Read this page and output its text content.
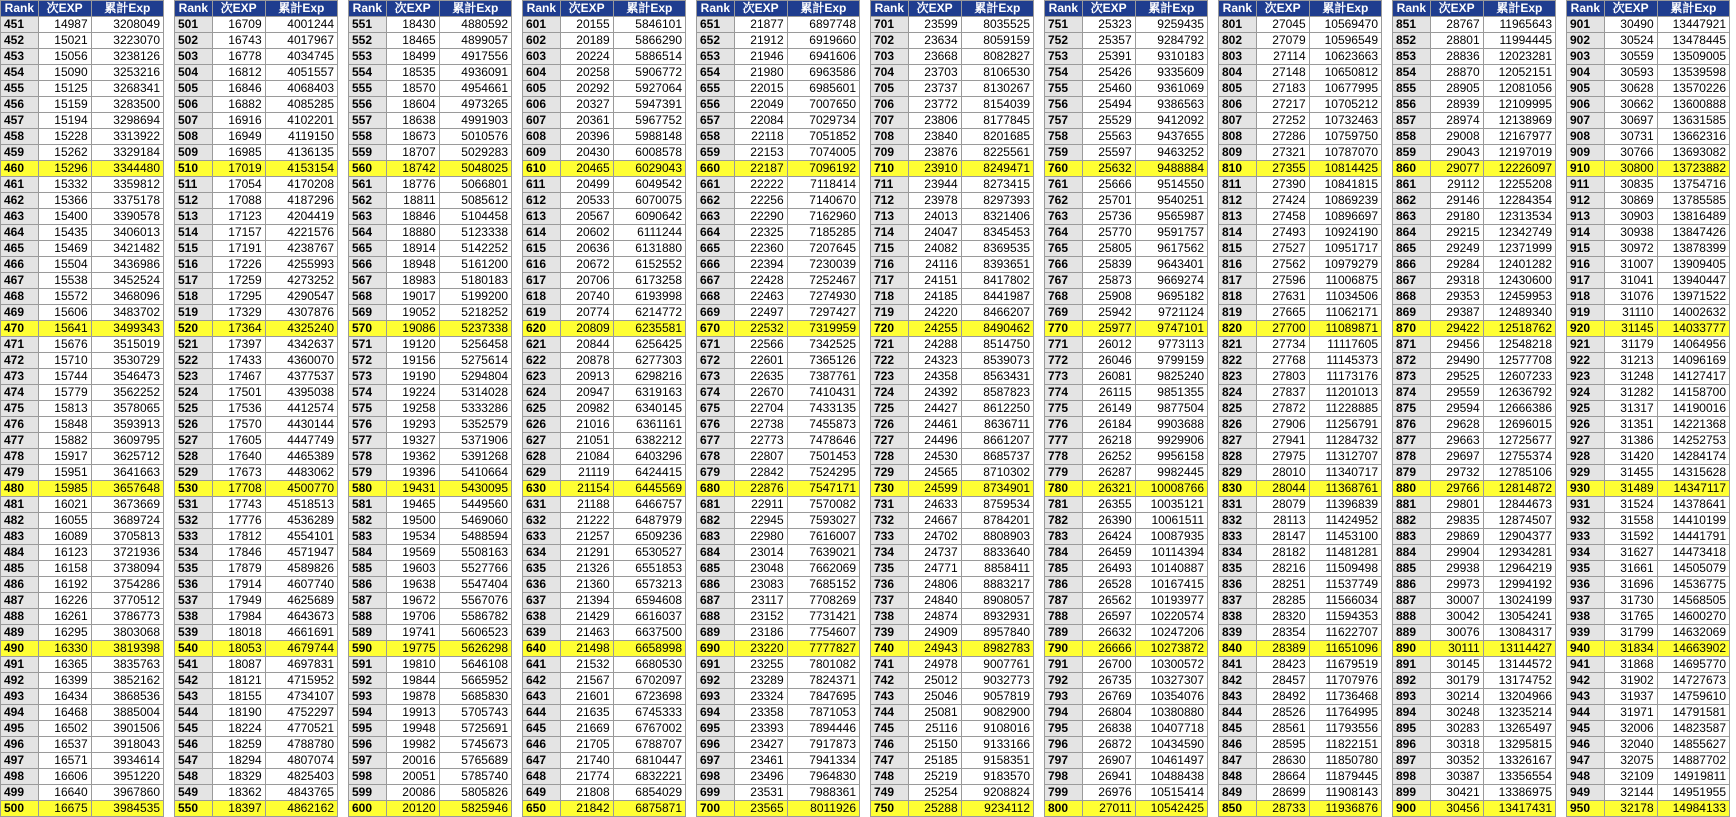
Rank	次EXP	累計Exp
451	14987	3208049
452	15021	3223070
453	15056	3238126
454	15090	3253216
455	15125	3268341
456	15159	3283500
457	15194	3298694
458	15228	3313922
459	15262	3329184
460	15296	3344480
461	15332	3359812
462	15366	3375178
463	15400	3390578
464	15435	3406013
465	15469	3421482
466	15504	3436986
467	15538	3452524
468	15572	3468096
469	15606	3483702
470	15641	3499343
471	15676	3515019
472	15710	3530729
473	15744	3546473
474	15779	3562252
475	15813	3578065
476	15848	3593913
477	15882	3609795
478	15917	3625712
479	15951	3641663
480	15985	3657648
481	16021	3673669
482	16055	3689724
483	16089	3705813
484	16123	3721936
485	16158	3738094
486	16192	3754286
487	16226	3770512
488	16261	3786773
489	16295	3803068
490	16330	3819398
491	16365	3835763
492	16399	3852162
493	16434	3868536
494	16468	3885004
495	16502	3901506
496	16537	3918043
497	16571	3934614
498	16606	3951220
499	16640	3967860
500	16675	3984535
Rank	次EXP	累計Exp
501	16709	4001244
502	16743	4017967
503	16778	4034745
504	16812	4051557
505	16846	4068403
506	16882	4085285
507	16916	4102201
508	16949	4119150
509	16985	4136135
510	17019	4153154
511	17054	4170208
512	17088	4187296
513	17123	4204419
514	17157	4221576
515	17191	4238767
516	17226	4255993
517	17259	4273252
518	17295	4290547
519	17329	4307876
520	17364	4325240
521	17397	4342637
522	17433	4360070
523	17467	4377537
524	17501	4395038
525	17536	4412574
526	17570	4430144
527	17605	4447749
528	17640	4465389
529	17673	4483062
530	17708	4500770
531	17743	4518513
532	17776	4536289
533	17812	4554101
534	17846	4571947
535	17879	4589826
536	17914	4607740
537	17949	4625689
538	17984	4643673
539	18018	4661691
540	18053	4679744
541	18087	4697831
542	18121	4715952
543	18155	4734107
544	18190	4752297
545	18224	4770521
546	18259	4788780
547	18294	4807074
548	18329	4825403
549	18362	4843765
550	18397	4862162
Rank	次EXP	累計Exp
551	18430	4880592
552	18465	4899057
553	18499	4917556
554	18535	4936091
555	18570	4954661
556	18604	4973265
557	18638	4991903
558	18673	5010576
559	18707	5029283
560	18742	5048025
561	18776	5066801
562	18811	5085612
563	18846	5104458
564	18880	5123338
565	18914	5142252
566	18948	5161200
567	18983	5180183
568	19017	5199200
569	19052	5218252
570	19086	5237338
571	19120	5256458
572	19156	5275614
573	19190	5294804
574	19224	5314028
575	19258	5333286
576	19293	5352579
577	19327	5371906
578	19362	5391268
579	19396	5410664
580	19431	5430095
581	19465	5449560
582	19500	5469060
583	19534	5488594
584	19569	5508163
585	19603	5527766
586	19638	5547404
587	19672	5567076
588	19706	5586782
589	19741	5606523
590	19775	5626298
591	19810	5646108
592	19844	5665952
593	19878	5685830
594	19913	5705743
595	19948	5725691
596	19982	5745673
597	20016	5765689
598	20051	5785740
599	20086	5805826
600	20120	5825946
Rank	次EXP	累計Exp
601	20155	5846101
602	20189	5866290
603	20224	5886514
604	20258	5906772
605	20292	5927064
606	20327	5947391
607	20361	5967752
608	20396	5988148
609	20430	6008578
610	20465	6029043
611	20499	6049542
612	20533	6070075
613	20567	6090642
614	20602	6111244
615	20636	6131880
616	20672	6152552
617	20706	6173258
618	20740	6193998
619	20774	6214772
620	20809	6235581
621	20844	6256425
622	20878	6277303
623	20913	6298216
624	20947	6319163
625	20982	6340145
626	21016	6361161
627	21051	6382212
628	21084	6403296
629	21119	6424415
630	21154	6445569
631	21188	6466757
632	21222	6487979
633	21257	6509236
634	21291	6530527
635	21326	6551853
636	21360	6573213
637	21394	6594608
638	21429	6616037
639	21463	6637500
640	21498	6658998
641	21532	6680530
642	21567	6702097
643	21601	6723698
644	21635	6745333
645	21669	6767002
646	21705	6788707
647	21740	6810447
648	21774	6832221
649	21808	6854029
650	21842	6875871
Rank	次EXP	累計Exp
651	21877	6897748
652	21912	6919660
653	21946	6941606
654	21980	6963586
655	22015	6985601
656	22049	7007650
657	22084	7029734
658	22118	7051852
659	22153	7074005
660	22187	7096192
661	22222	7118414
662	22256	7140670
663	22290	7162960
664	22325	7185285
665	22360	7207645
666	22394	7230039
667	22428	7252467
668	22463	7274930
669	22497	7297427
670	22532	7319959
671	22566	7342525
672	22601	7365126
673	22635	7387761
674	22670	7410431
675	22704	7433135
676	22738	7455873
677	22773	7478646
678	22807	7501453
679	22842	7524295
680	22876	7547171
681	22911	7570082
682	22945	7593027
683	22980	7616007
684	23014	7639021
685	23048	7662069
686	23083	7685152
687	23117	7708269
688	23152	7731421
689	23186	7754607
690	23220	7777827
691	23255	7801082
692	23289	7824371
693	23324	7847695
694	23358	7871053
695	23393	7894446
696	23427	7917873
697	23461	7941334
698	23496	7964830
699	23531	7988361
700	23565	8011926
Rank	次EXP	累計Exp
701	23599	8035525
702	23634	8059159
703	23668	8082827
704	23703	8106530
705	23737	8130267
706	23772	8154039
707	23806	8177845
708	23840	8201685
709	23876	8225561
710	23910	8249471
711	23944	8273415
712	23978	8297393
713	24013	8321406
714	24047	8345453
715	24082	8369535
716	24116	8393651
717	24151	8417802
718	24185	8441987
719	24220	8466207
720	24255	8490462
721	24288	8514750
722	24323	8539073
723	24358	8563431
724	24392	8587823
725	24427	8612250
726	24461	8636711
727	24496	8661207
728	24530	8685737
729	24565	8710302
730	24599	8734901
731	24633	8759534
732	24667	8784201
733	24702	8808903
734	24737	8833640
735	24771	8858411
736	24806	8883217
737	24840	8908057
738	24874	8932931
739	24909	8957840
740	24943	8982783
741	24978	9007761
742	25012	9032773
743	25046	9057819
744	25081	9082900
745	25116	9108016
746	25150	9133166
747	25185	9158351
748	25219	9183570
749	25254	9208824
750	25288	9234112
Rank	次EXP	累計Exp
751	25323	9259435
752	25357	9284792
753	25391	9310183
754	25426	9335609
755	25460	9361069
756	25494	9386563
757	25529	9412092
758	25563	9437655
759	25597	9463252
760	25632	9488884
761	25666	9514550
762	25701	9540251
763	25736	9565987
764	25770	9591757
765	25805	9617562
766	25839	9643401
767	25873	9669274
768	25908	9695182
769	25942	9721124
770	25977	9747101
771	26012	9773113
772	26046	9799159
773	26081	9825240
774	26115	9851355
775	26149	9877504
776	26184	9903688
777	26218	9929906
778	26252	9956158
779	26287	9982445
780	26321	10008766
781	26355	10035121
782	26390	10061511
783	26424	10087935
784	26459	10114394
785	26493	10140887
786	26528	10167415
787	26562	10193977
788	26597	10220574
789	26632	10247206
790	26666	10273872
791	26700	10300572
792	26735	10327307
793	26769	10354076
794	26804	10380880
795	26838	10407718
796	26872	10434590
797	26907	10461497
798	26941	10488438
799	26976	10515414
800	27011	10542425
Rank	次EXP	累計Exp
801	27045	10569470
802	27079	10596549
803	27114	10623663
804	27148	10650812
805	27183	10677995
806	27217	10705212
807	27252	10732463
808	27286	10759750
809	27321	10787070
810	27355	10814425
811	27390	10841815
812	27424	10869239
813	27458	10896697
814	27493	10924190
815	27527	10951717
816	27562	10979279
817	27596	11006875
818	27631	11034506
819	27665	11062171
820	27700	11089871
821	27734	11117605
822	27768	11145373
823	27803	11173176
824	27837	11201013
825	27872	11228885
826	27906	11256791
827	27941	11284732
828	27975	11312707
829	28010	11340717
830	28044	11368761
831	28079	11396839
832	28113	11424952
833	28147	11453100
834	28182	11481281
835	28216	11509498
836	28251	11537749
837	28285	11566034
838	28320	11594353
839	28354	11622707
840	28389	11651096
841	28423	11679519
842	28457	11707976
843	28492	11736468
844	28526	11764995
845	28561	11793556
846	28595	11822151
847	28630	11850780
848	28664	11879445
849	28699	11908143
850	28733	11936876
Rank	次EXP	累計Exp
851	28767	11965643
852	28801	11994445
853	28836	12023281
854	28870	12052151
855	28905	12081056
856	28939	12109995
857	28974	12138969
858	29008	12167977
859	29043	12197019
860	29077	12226097
861	29112	12255208
862	29146	12284354
863	29180	12313534
864	29215	12342749
865	29249	12371999
866	29284	12401282
867	29318	12430600
868	29353	12459953
869	29387	12489340
870	29422	12518762
871	29456	12548218
872	29490	12577708
873	29525	12607233
874	29559	12636792
875	29594	12666386
876	29628	12696015
877	29663	12725677
878	29697	12755374
879	29732	12785106
880	29766	12814872
881	29801	12844673
882	29835	12874507
883	29869	12904377
884	29904	12934281
885	29938	12964219
886	29973	12994192
887	30007	13024199
888	30042	13054241
889	30076	13084317
890	30111	13114427
891	30145	13144572
892	30179	13174752
893	30214	13204966
894	30248	13235214
895	30283	13265497
896	30318	13295815
897	30352	13326167
898	30387	13356554
899	30421	13386975
900	30456	13417431
Rank	次EXP	累計Exp
901	30490	13447921
902	30524	13478445
903	30559	13509005
904	30593	13539598
905	30628	13570226
906	30662	13600888
907	30697	13631585
908	30731	13662316
909	30766	13693082
910	30800	13723882
911	30835	13754716
912	30869	13785585
913	30903	13816489
914	30938	13847426
915	30972	13878399
916	31007	13909405
917	31041	13940447
918	31076	13971522
919	31110	14002632
920	31145	14033777
921	31179	14064956
922	31213	14096169
923	31248	14127417
924	31282	14158700
925	31317	14190016
926	31351	14221368
927	31386	14252753
928	31420	14284174
929	31455	14315628
930	31489	14347117
931	31524	14378641
932	31558	14410199
933	31592	14441791
934	31627	14473418
935	31661	14505079
936	31696	14536775
937	31730	14568505
938	31765	14600270
939	31799	14632069
940	31834	14663902
941	31868	14695770
942	31902	14727673
943	31937	14759610
944	31971	14791581
945	32006	14823587
946	32040	14855627
947	32075	14887702
948	32109	14919811
949	32144	14951955
950	32178	14984133
